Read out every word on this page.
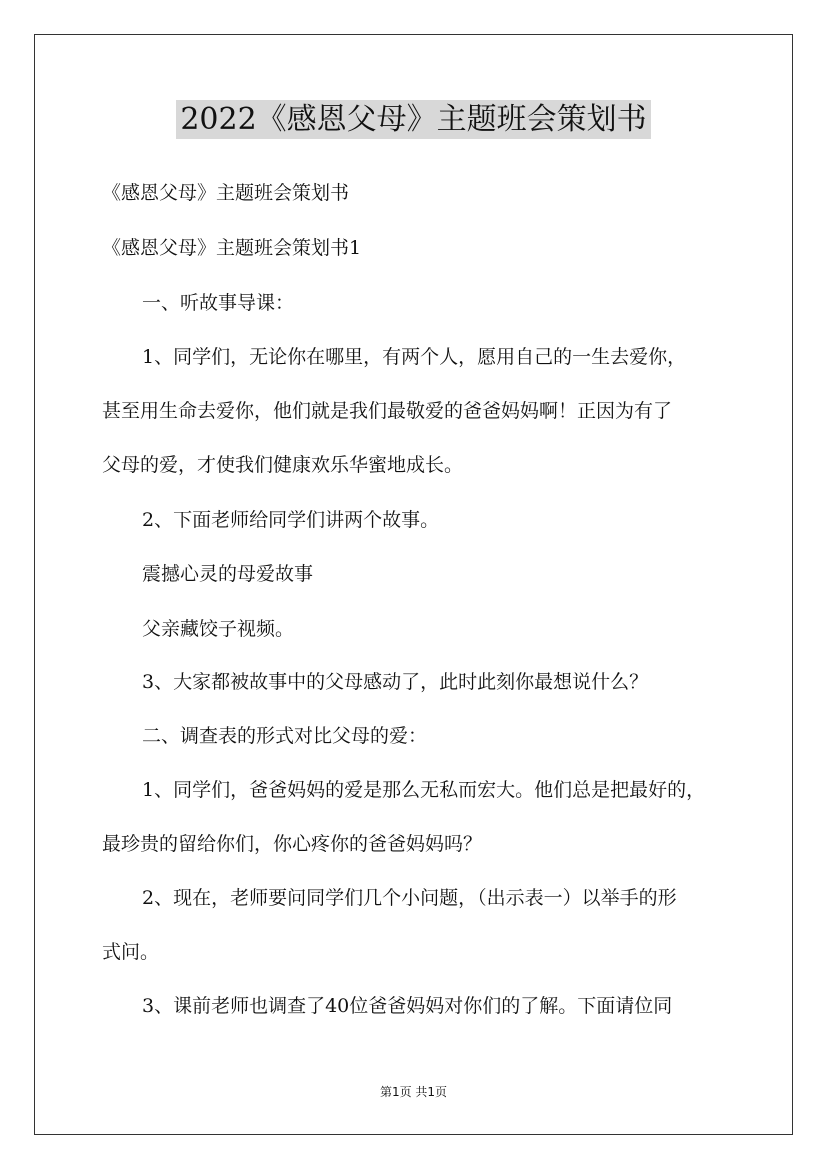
2022《感恩父母》主题班会策划书
《感恩父母》主题班会策划书
《感恩父母》主题班会策划书1
一、听故事导课：
1、同学们，无论你在哪里，有两个人，愿用自己的一生去爱你，
甚至用生命去爱你，他们就是我们最敬爱的爸爸妈妈啊！正因为有了
父母的爱，才使我们健康欢乐华蜜地成长。
2、下面老师给同学们讲两个故事。
震撼心灵的母爱故事
父亲藏饺子视频。
3、大家都被故事中的父母感动了，此时此刻你最想说什么？
二、调查表的形式对比父母的爱：
1、同学们，爸爸妈妈的爱是那么无私而宏大。他们总是把最好的，
最珍贵的留给你们，你心疼你的爸爸妈妈吗？
2、现在，老师要问同学们几个小问题，（出示表一）以举手的形
式问。
3、课前老师也调查了40位爸爸妈妈对你们的了解。下面请位同
第1页 共1页
